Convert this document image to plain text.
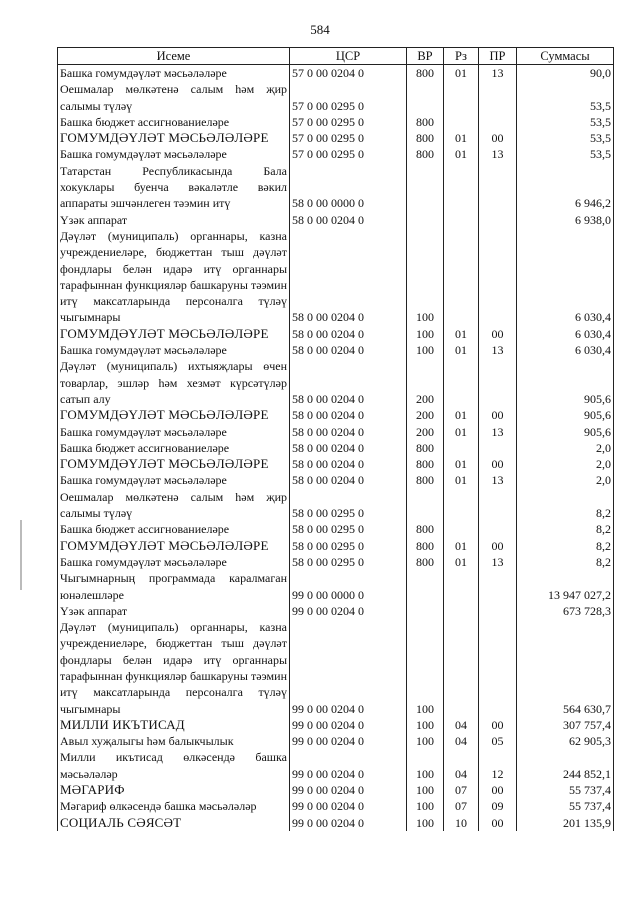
584
Исеме	ЦСР	ВР	Рз	ПР	Суммасы
Башка гомумдәүләт мәсьәләләре	57 0 00 0204 0	800	01	13	90,0
Оешмалар мөлкәтенә салым һәм җир салымы түләү	57 0 00 0295 0				53,5
Башка бюджет ассигнованиеләре	57 0 00 0295 0	800			53,5
ГОМУМДӘҮЛӘТ МӘСЬӘЛӘЛӘРЕ	57 0 00 0295 0	800	01	00	53,5
Башка гомумдәүләт мәсьәләләре	57 0 00 0295 0	800	01	13	53,5
Татарстан Республикасында Бала хокуклары буенча вәкаләтле вәкил аппараты эшчәнлеген тәэмин итү	58 0 00 0000 0				6 946,2
Үзәк аппарат	58 0 00 0204 0				6 938,0
Дәүләт (муниципаль) органнары, казна учреждениеләре, бюджеттан тыш дәүләт фондлары белән идарә итү органнары тарафыннан функцияләр башкаруны тәэмин итү максатларында персоналга түләү чыгымнары	58 0 00 0204 0	100			6 030,4
ГОМУМДӘҮЛӘТ МӘСЬӘЛӘЛӘРЕ	58 0 00 0204 0	100	01	00	6 030,4
Башка гомумдәүләт мәсьәләләре	58 0 00 0204 0	100	01	13	6 030,4
Дәүләт (муниципаль) ихтыяҗлары өчен товарлар, эшләр һәм хезмәт күрсәтүләр сатып алу	58 0 00 0204 0	200			905,6
ГОМУМДӘҮЛӘТ МӘСЬӘЛӘЛӘРЕ	58 0 00 0204 0	200	01	00	905,6
Башка гомумдәүләт мәсьәләләре	58 0 00 0204 0	200	01	13	905,6
Башка бюджет ассигнованиеләре	58 0 00 0204 0	800			2,0
ГОМУМДӘҮЛӘТ МӘСЬӘЛӘЛӘРЕ	58 0 00 0204 0	800	01	00	2,0
Башка гомумдәүләт мәсьәләләре	58 0 00 0204 0	800	01	13	2,0
Оешмалар мөлкәтенә салым һәм җир салымы түләү	58 0 00 0295 0				8,2
Башка бюджет ассигнованиеләре	58 0 00 0295 0	800			8,2
ГОМУМДӘҮЛӘТ МӘСЬӘЛӘЛӘРЕ	58 0 00 0295 0	800	01	00	8,2
Башка гомумдәүләт мәсьәләләре	58 0 00 0295 0	800	01	13	8,2
Чыгымнарның программада каралмаган юнәлешләре	99 0 00 0000 0				13 947 027,2
Үзәк аппарат	99 0 00 0204 0				673 728,3
Дәүләт (муниципаль) органнары, казна учреждениеләре, бюджеттан тыш дәүләт фондлары белән идарә итү органнары тарафыннан функцияләр башкаруны тәэмин итү максатларында персоналга түләү чыгымнары	99 0 00 0204 0	100			564 630,7
МИЛЛИ ИКЪТИСАД	99 0 00 0204 0	100	04	00	307 757,4
Авыл хуҗалыгы һәм балыкчылык	99 0 00 0204 0	100	04	05	62 905,3
Милли икътисад өлкәсендә башка мәсьәләләр	99 0 00 0204 0	100	04	12	244 852,1
МӘГАРИФ	99 0 00 0204 0	100	07	00	55 737,4
Мәгариф өлкәсендә башка мәсьәләләр	99 0 00 0204 0	100	07	09	55 737,4
СОЦИАЛЬ СӘЯСӘТ	99 0 00 0204 0	100	10	00	201 135,9
